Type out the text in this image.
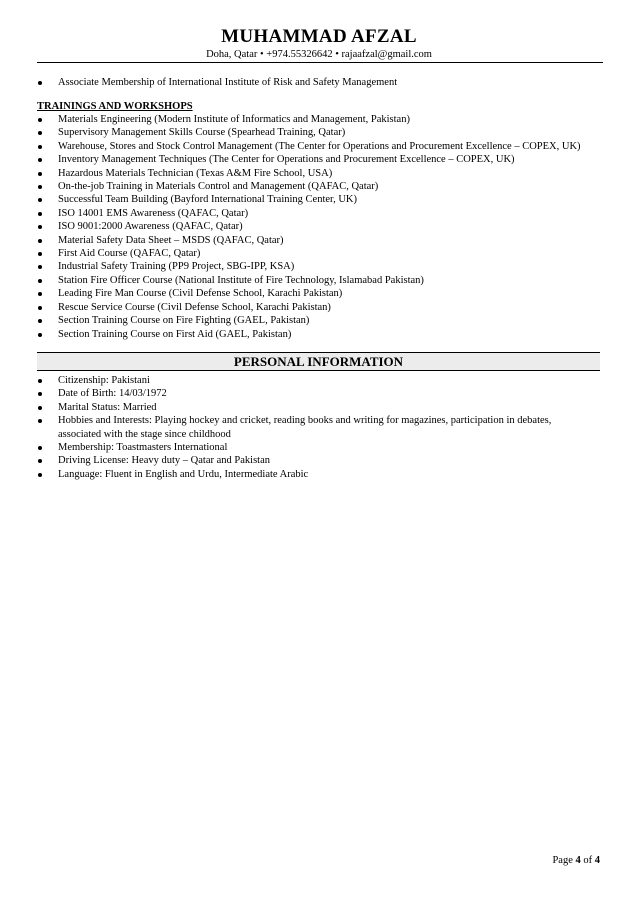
MUHAMMAD AFZAL
Doha, Qatar • +974.55326642 • rajaafzal@gmail.com
Associate Membership of International Institute of Risk and Safety Management
TRAININGS AND WORKSHOPS
Materials Engineering (Modern Institute of Informatics and Management, Pakistan)
Supervisory Management Skills Course (Spearhead Training, Qatar)
Warehouse, Stores and Stock Control Management (The Center for Operations and Procurement Excellence – COPEX, UK)
Inventory Management Techniques (The Center for Operations and Procurement Excellence – COPEX, UK)
Hazardous Materials Technician (Texas A&M Fire School, USA)
On-the-job Training in Materials Control and Management (QAFAC, Qatar)
Successful Team Building (Bayford International Training Center, UK)
ISO 14001 EMS Awareness (QAFAC, Qatar)
ISO 9001:2000 Awareness (QAFAC, Qatar)
Material Safety Data Sheet – MSDS (QAFAC, Qatar)
First Aid Course (QAFAC, Qatar)
Industrial Safety Training (PP9 Project, SBG-IPP, KSA)
Station Fire Officer Course (National Institute of Fire Technology, Islamabad Pakistan)
Leading Fire Man Course (Civil Defense School, Karachi Pakistan)
Rescue Service Course (Civil Defense School, Karachi Pakistan)
Section Training Course on Fire Fighting (GAEL, Pakistan)
Section Training Course on First Aid (GAEL, Pakistan)
PERSONAL INFORMATION
Citizenship: Pakistani
Date of Birth: 14/03/1972
Marital Status: Married
Hobbies and Interests: Playing hockey and cricket, reading books and writing for magazines, participation in debates, associated with the stage since childhood
Membership: Toastmasters International
Driving License: Heavy duty – Qatar and Pakistan
Language: Fluent in English and Urdu, Intermediate Arabic
Page 4 of 4
